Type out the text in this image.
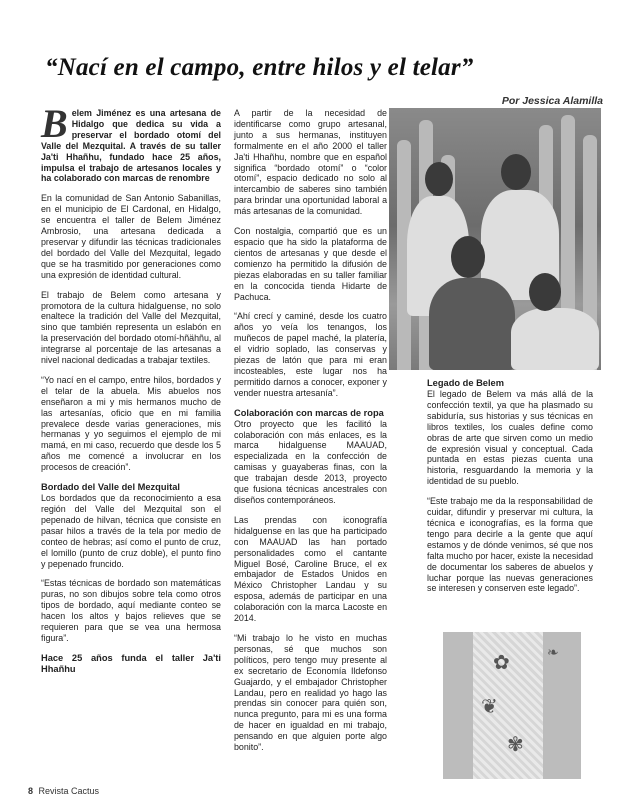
“Nací en el campo, entre hilos y el telar”
Por Jessica Alamilla

Belem Jiménez es una artesana de Hidalgo que dedica su vida a preservar el bordado otomí del Valle del Mezquital. A través de su taller Ja'ti Hhañhu, fundado hace 25 años, impulsa el trabajo de artesanos locales y ha colaborado con marcas de renombre

En la comunidad de San Antonio Sabanillas, en el municipio de El Cardonal, en Hidalgo, se encuentra el taller de Belem Jiménez Ambrosio, una artesana dedicada a preservar y difundir las técnicas tradicionales del bordado del Valle del Mezquital, legado que se ha trasmitido por generaciones como una expresión de identidad cultural.

El trabajo de Belem como artesana y promotora de la cultura hidalguense, no solo enaltece la tradición del Valle del Mezquital, sino que también representa un eslabón en la preservación del bordado otomí-hñähñu, al integrarse al porcentaje de las artesanas a nivel nacional dedicadas a trabajar textiles.

“Yo nací en el campo, entre hilos, bordados y el telar de la abuela. Mis abuelos nos enseñaron a mi y mis hermanos mucho de las artesanías, oficio que en mi familia prevalece desde varias generaciones, mis hermanas y yo seguimos el ejemplo de mi mamá, en mi caso, recuerdo que desde los 5 años me comencé a involucrar en los procesos de creación”.

Bordado del Valle del Mezquital

Los bordados que da reconocimiento a esa región del Valle del Mezquital son el pepenado de hilvan, técnica que consiste en pasar hilos a través de la tela por medio de conteo de hebras; así como el punto de cruz, el lomillo (punto de cruz doble), el punto fino y pepenado fruncido.

“Estas técnicas de bordado son matemáticas puras, no son dibujos sobre tela como otros tipos de bordado, aquí mediante conteo se hacen los altos y bajos relieves que se requieren para que se vea una hermosa figura”.

Hace 25 años funda el taller Ja'ti Hhañhu

A partir de la necesidad de identificarse como grupo artesanal, junto a sus hermanas, instituyen formalmente en el año 2000 el taller Ja'ti Hhañhu, nombre que en español significa “bordado otomí” o “color otomí”, espacio dedicado no solo al intercambio de saberes sino también para brindar una oportunidad laboral a más artesanas de la comunidad.

Con nostalgia, compartió que es un espacio que ha sido la plataforma de cientos de artesanas y que desde el comienzo ha permitido la difusión de piezas elaboradas en su taller familiar en la concocida tienda Hidarte de Pachuca.

“Ahí crecí y caminé, desde los cuatro años yo veía los tenangos, los muñecos de papel maché, la platería, el vidrio soplado, las conservas y piezas de latón que para mi eran incosteables, este lugar nos ha permitido darnos a conocer, exponer y vender nuestra artesanía”.

Colaboración con marcas de ropa

Otro proyecto que les facilitó la colaboración con más enlaces, es la marca hidalguense MAAUAD, especializada en la confección de camisas y guayaberas finas, con la que trabajan desde 2013, proyecto que fusiona técnicas ancestrales con diseños contemporáneos.

Las prendas con iconografía hidalguense en las que ha participado con MAAUAD las han portado personalidades como el cantante Miguel Bosé, Caroline Bruce, el ex embajador de Estados Unidos en México Christopher Landau y su esposa, además de participar en una colaboración con la marca Lacoste en 2014.

“Mi trabajo lo he visto en muchas personas, sé que muchos son políticos, pero tengo muy presente al ex secretario de Economía Ildefonso Guajardo, y el embajador Christopher Landau, pero en realidad yo hago las prendas sin conocer para quién son, nunca pregunto, para mi es una forma de hacer en igualdad en mi trabajo, pensando en que alguien porte algo bonito”.

Legado de Belem

El legado de Belem va más allá de la confección textil, ya que ha plasmado su sabiduría, sus historias y sus técnicas en libros textiles, los cuales define como obras de arte que sirven como un medio de expresión visual y conceptual. Cada puntada en estas piezas cuenta una historia, resguardando la memoria y la identidad de su pueblo.

“Este trabajo me da la responsabilidad de cuidar, difundir y preservar mi cultura, la técnica e iconografías, es la forma que tengo para decirle a la gente que aquí estamos y de dónde venimos, sé que nos falta mucho por hacer, existe la necesidad de documentar los saberes de abuelos y luchar porque las nuevas generaciones se interesen y conserven este legado”.

✿
❦
✾
❧
8 Revista Cactus
